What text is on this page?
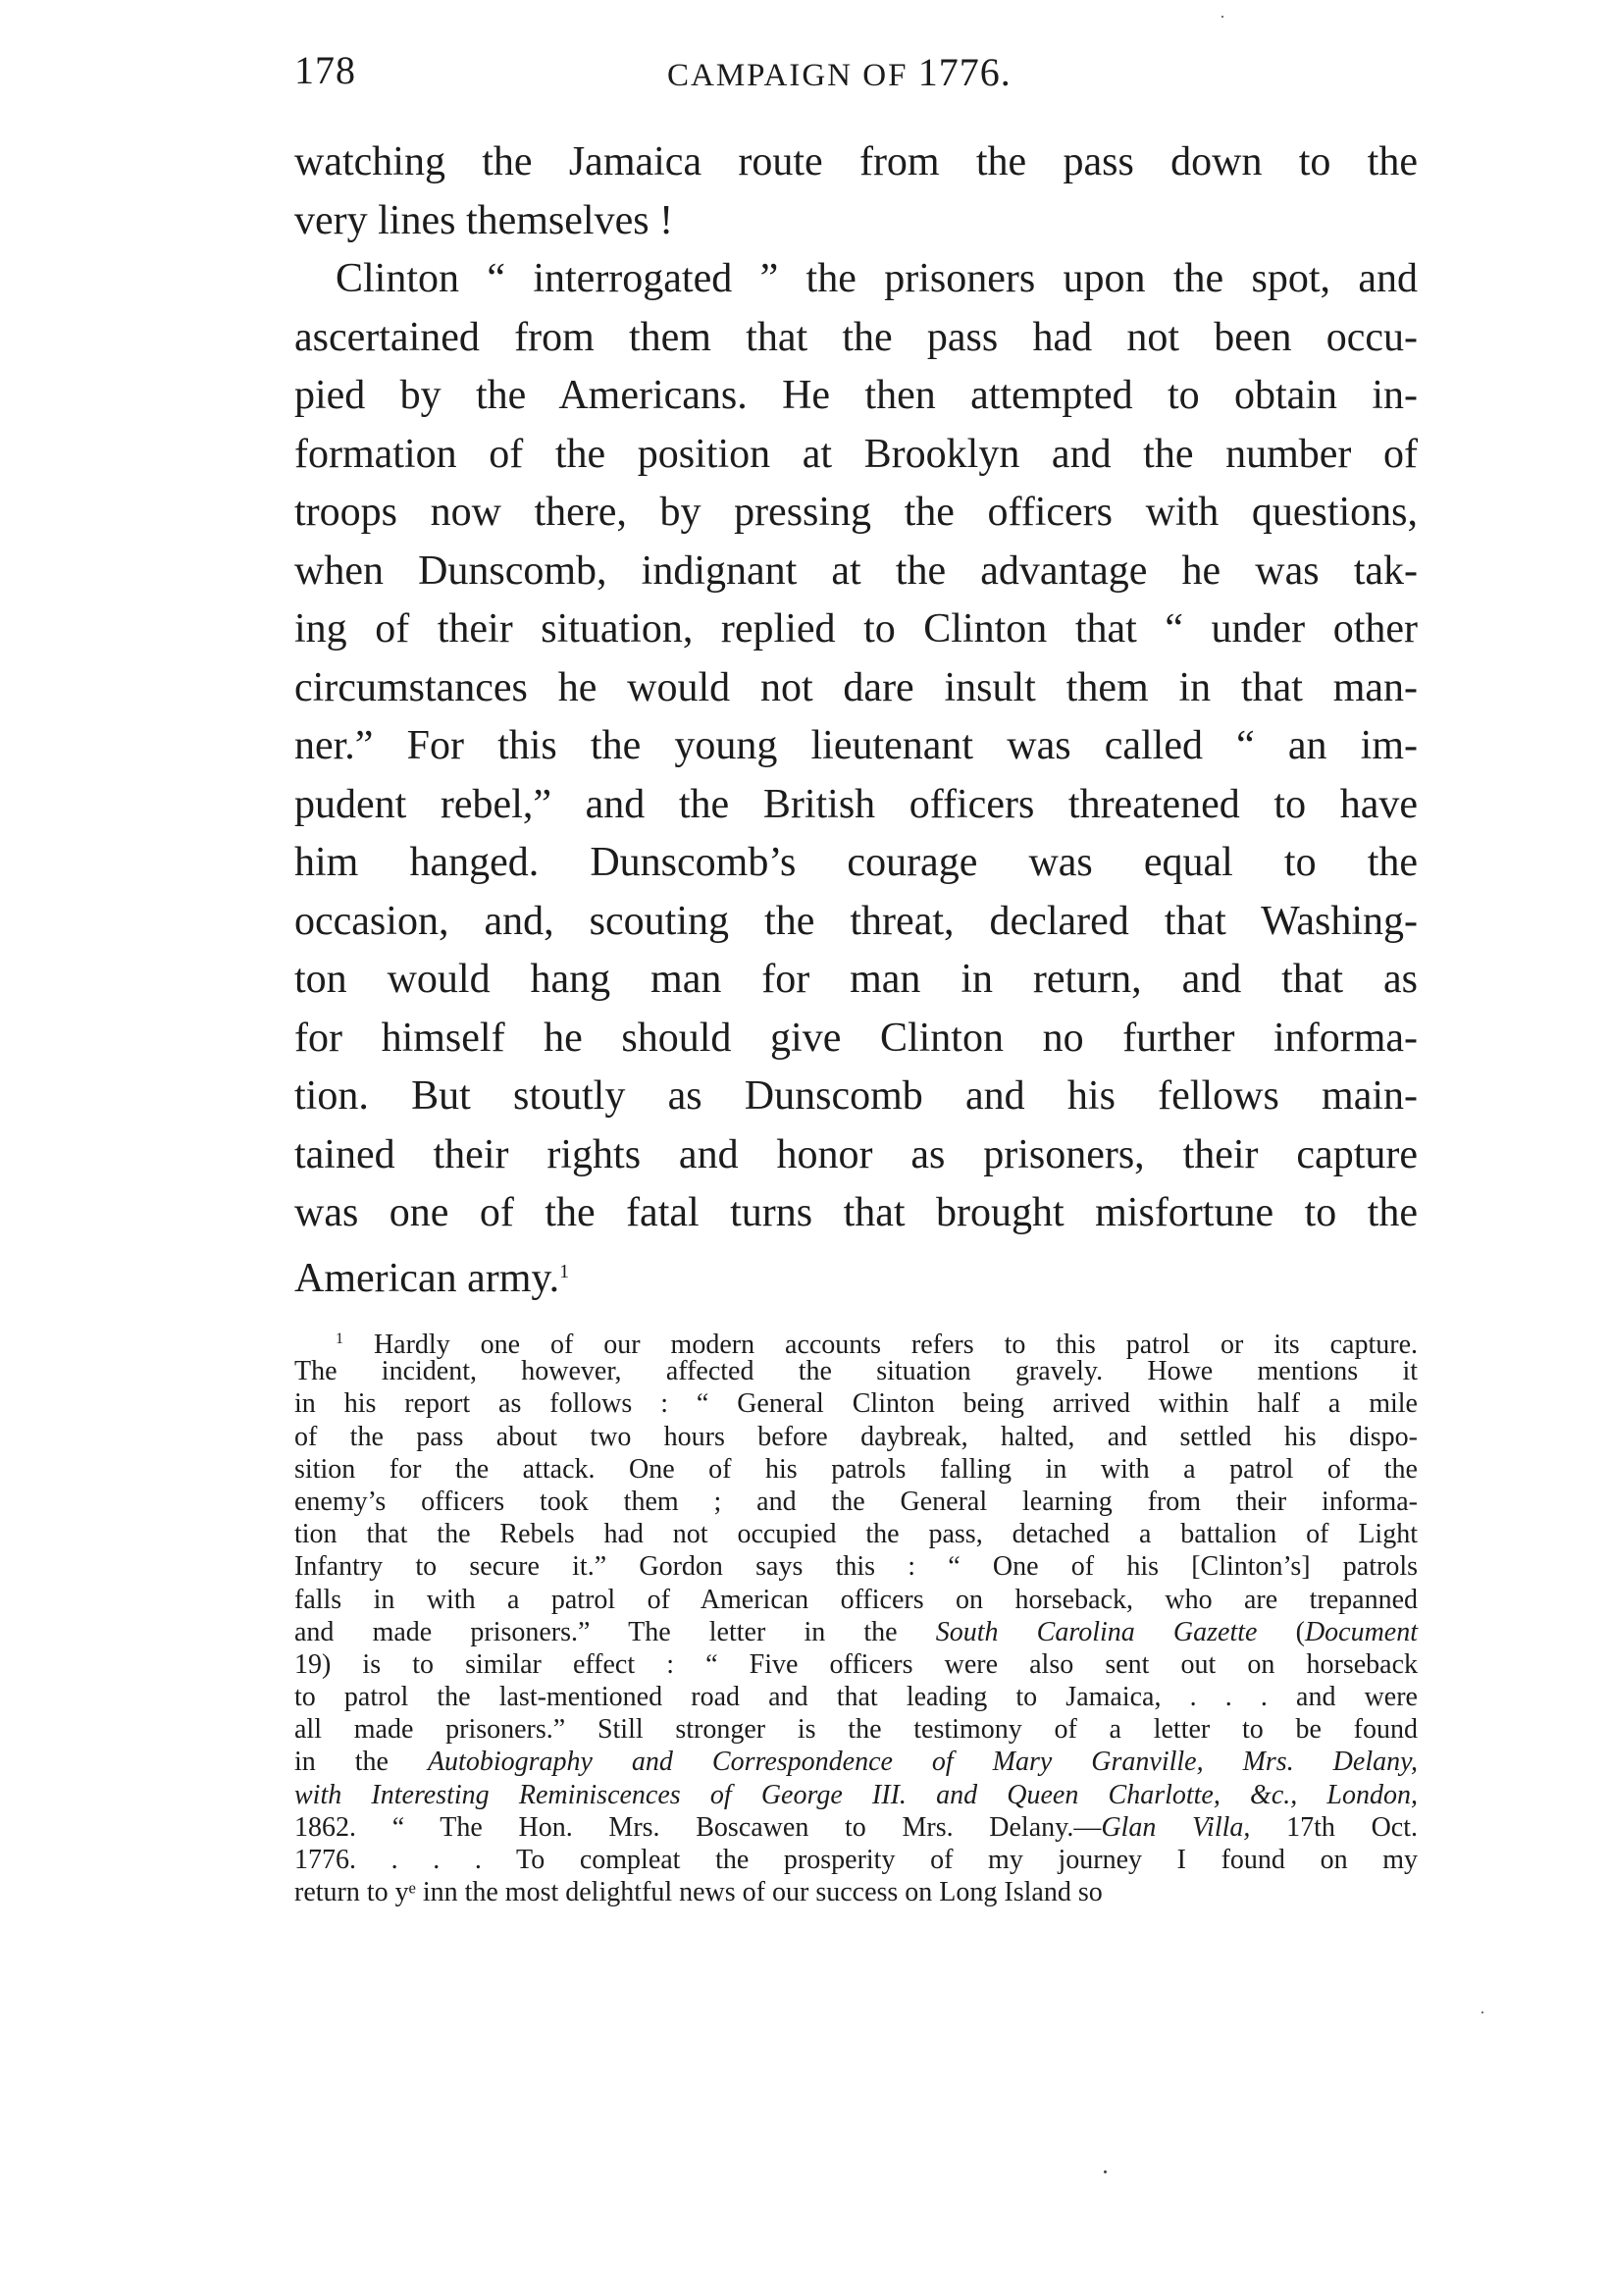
178	CAMPAIGN OF 1776.
watching the Jamaica route from the pass down to the
very lines themselves !
Clinton “ interrogated ” the prisoners upon the spot, and
ascertained from them that the pass had not been occu-
pied by the Americans. He then attempted to obtain in-
formation of the position at Brooklyn and the number of
troops now there, by pressing the officers with questions,
when Dunscomb, indignant at the advantage he was tak-
ing of their situation, replied to Clinton that “ under other
circumstances he would not dare insult them in that man-
ner.” For this the young lieutenant was called “ an im-
pudent rebel,” and the British officers threatened to have
him hanged. Dunscomb’s courage was equal to the
occasion, and, scouting the threat, declared that Washing-
ton would hang man for man in return, and that as
for himself he should give Clinton no further informa-
tion. But stoutly as Dunscomb and his fellows main-
tained their rights and honor as prisoners, their capture
was one of the fatal turns that brought misfortune to the
American army.$^1$
$^1$ Hardly one of our modern accounts refers to this patrol or its capture.
The incident, however, affected the situation gravely. Howe mentions it
in his report as follows : “ General Clinton being arrived within half a mile
of the pass about two hours before daybreak, halted, and settled his dispo-
sition for the attack. One of his patrols falling in with a patrol of the
enemy’s officers took them ; and the General learning from their informa-
tion that the Rebels had not occupied the pass, detached a battalion of Light
Infantry to secure it.” Gordon says this : “ One of his [Clinton’s] patrols
falls in with a patrol of American officers on horseback, who are trepanned
and made prisoners.” The letter in the South Carolina Gazette (Document
19) is to similar effect : “ Five officers were also sent out on horseback
to patrol the last-mentioned road and that leading to Jamaica, . . . and were
all made prisoners.” Still stronger is the testimony of a letter to be found
in the Autobiography and Correspondence of Mary Granville, Mrs. Delany,
with Interesting Reminiscences of George III. and Queen Charlotte, &c., London,
1862. “ The Hon. Mrs. Boscawen to Mrs. Delany.—Glan Villa, 17th Oct.
1776. . . . To compleat the prosperity of my journey I found on my
return to yᵉ inn the most delightful news of our success on Long Island so
